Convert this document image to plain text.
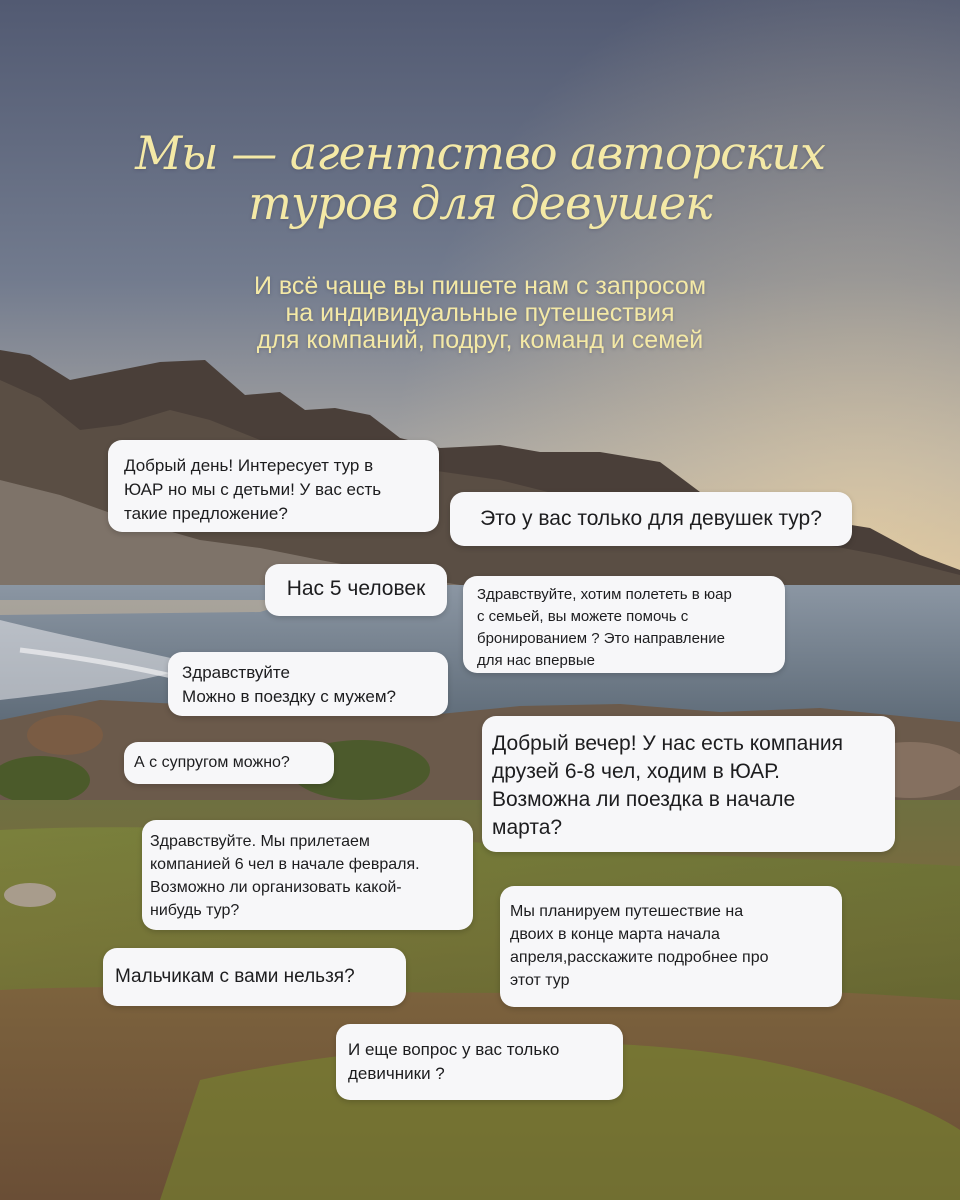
Мы — агентство авторских
туров для девушек
И всё чаще вы пишете нам с запросом
на индивидуальные путешествия
для компаний, подруг, команд и семей
Добрый день! Интересует тур в
ЮАР но мы с детьми! У вас есть
такие предложение?	Это у вас только для девушек тур?
Нас 5 человек	Здравствуйте, хотим полететь в юар
с семьей, вы можете помочь с
бронированием ? Это направление
для нас впервые
Здравствуйте
Можно в поездку с мужем?
Добрый вечер! У нас есть компания
друзей 6-8 чел, ходим в ЮАР.
Возможна ли поездка в начале
марта?
А с супругом можно?
Здравствуйте. Мы прилетаем
компанией 6 чел в начале февраля.
Возможно ли организовать какой-
нибудь тур?	Мы планируем путешествие на
двоих в конце марта начала
апреля,расскажите подробнее про
этот тур
Мальчикам с вами нельзя?
И еще вопрос у вас только
девичники ?
